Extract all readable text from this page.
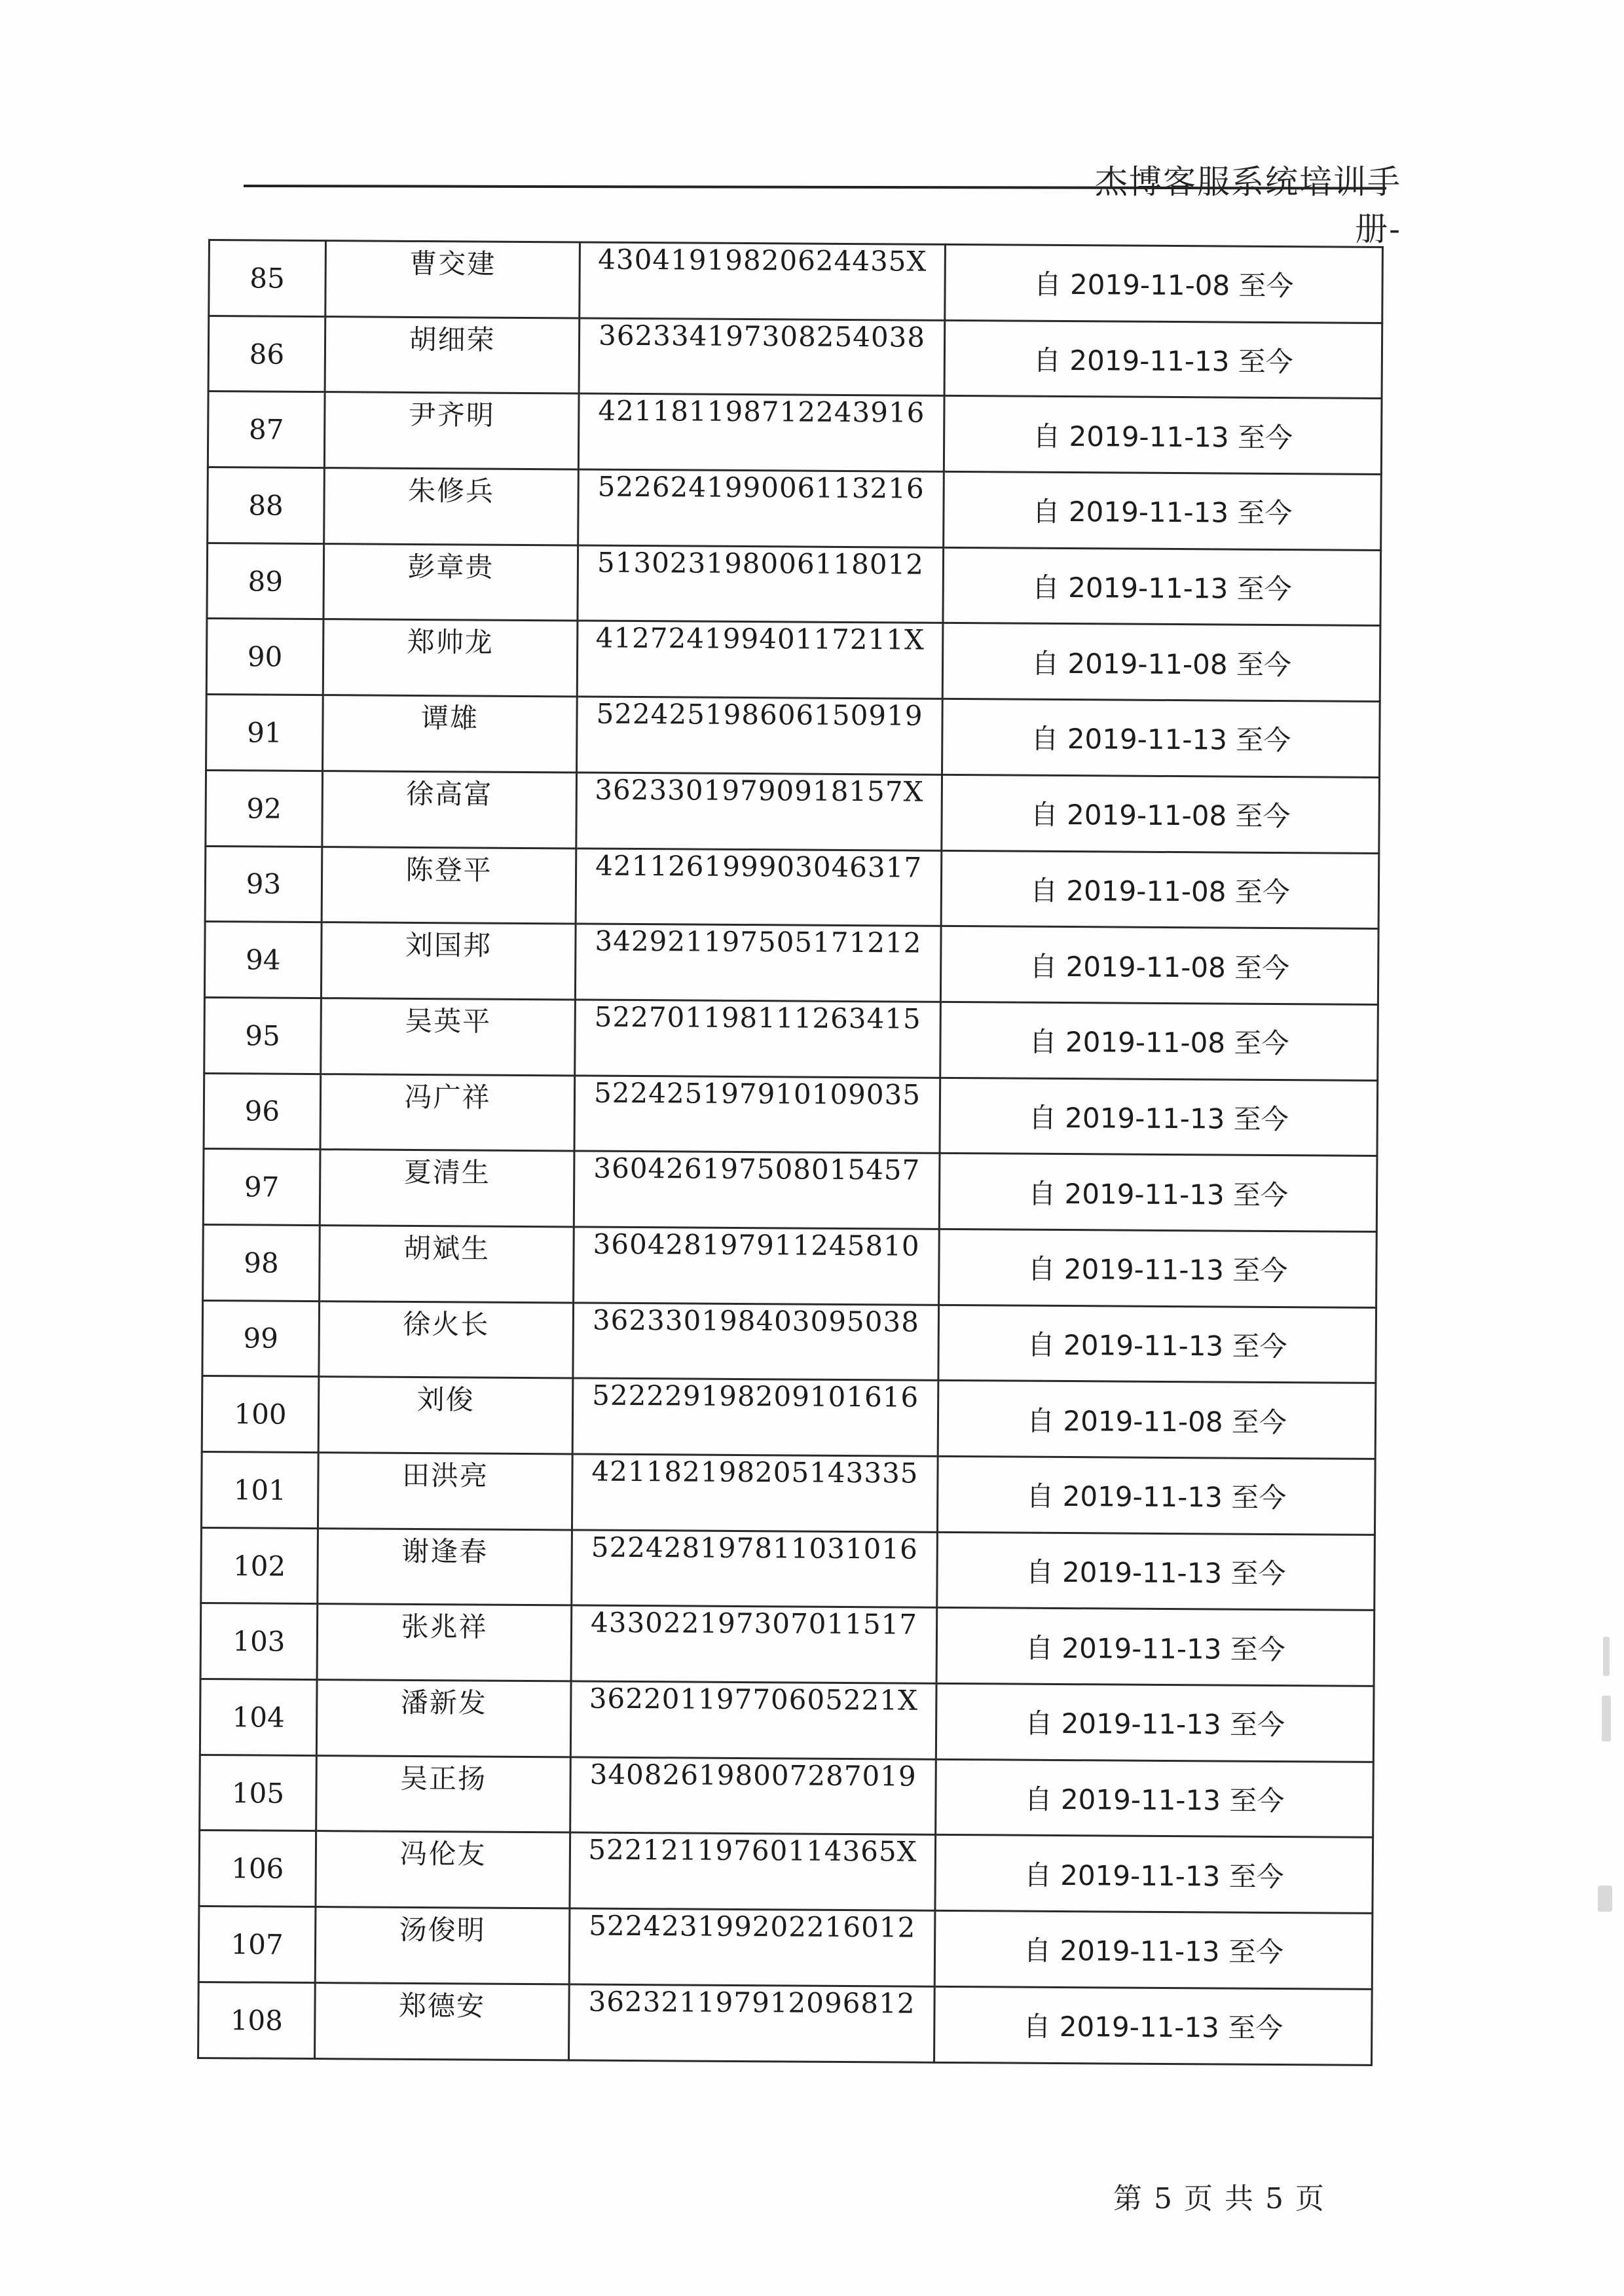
杰博客服系统培训手册-
85	曹交建	43041919820624435X	自 2019-11-08 至今
86	胡细荣	362334197308254038	自 2019-11-13 至今
87	尹齐明	421181198712243916	自 2019-11-13 至今
88	朱修兵	522624199006113216	自 2019-11-13 至今
89	彭章贵	513023198006118012	自 2019-11-13 至今
90	郑帅龙	41272419940117211X	自 2019-11-08 至今
91	谭雄	522425198606150919	自 2019-11-13 至今
92	徐高富	36233019790918157X	自 2019-11-08 至今
93	陈登平	421126199903046317	自 2019-11-08 至今
94	刘国邦	342921197505171212	自 2019-11-08 至今
95	吴英平	522701198111263415	自 2019-11-08 至今
96	冯广祥	522425197910109035	自 2019-11-13 至今
97	夏清生	360426197508015457	自 2019-11-13 至今
98	胡斌生	360428197911245810	自 2019-11-13 至今
99	徐火长	362330198403095038	自 2019-11-13 至今
100	刘俊	522229198209101616	自 2019-11-08 至今
101	田洪亮	421182198205143335	自 2019-11-13 至今
102	谢逢春	522428197811031016	自 2019-11-13 至今
103	张兆祥	433022197307011517	自 2019-11-13 至今
104	潘新发	36220119770605221X	自 2019-11-13 至今
105	吴正扬	340826198007287019	自 2019-11-13 至今
106	冯伦友	52212119760114365X	自 2019-11-13 至今
107	汤俊明	522423199202216012	自 2019-11-13 至今
108	郑德安	362321197912096812	自 2019-11-13 至今
第 5 页 共 5 页
